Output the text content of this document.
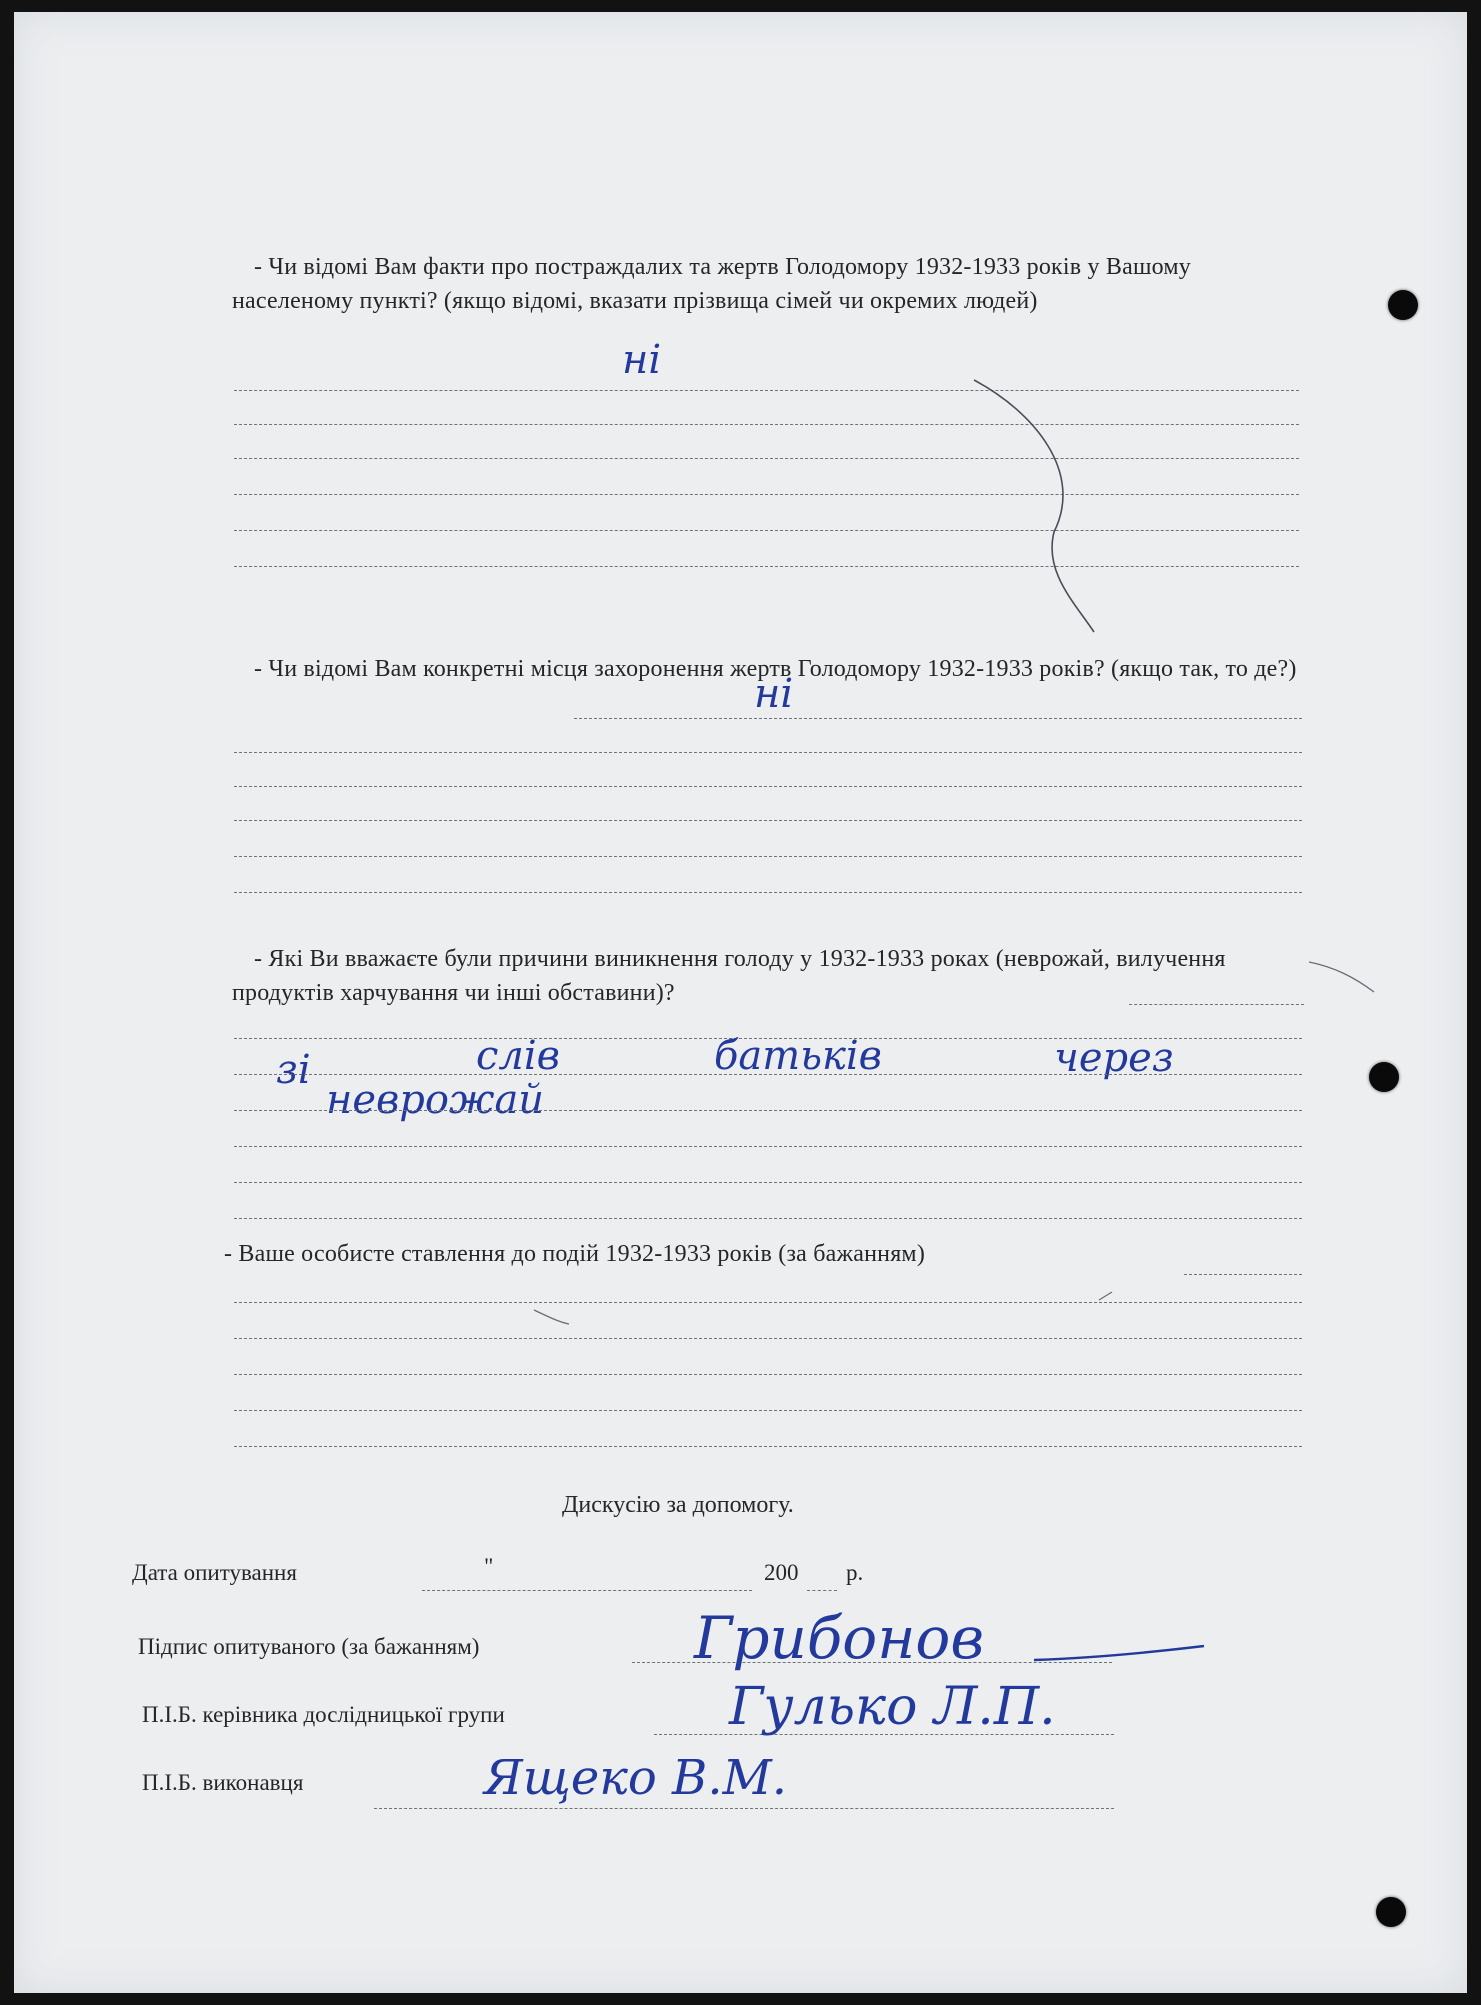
- Чи відомі Вам факти про постраждалих та жертв Голодомору 1932-1933 років у Вашому населеному пункті? (якщо відомі, вказати прізвища сімей чи окремих людей)
ні
- Чи відомі Вам конкретні місця захоронення жертв Голодомору 1932-1933 років? (якщо так, то де?)
ні
- Які Ви вважаєте були причини виникнення голоду у 1932-1933 роках (неврожай, вилучення продуктів харчування чи інші обставини)?
зі	слів	батьків	через
неврожай
- Ваше особисте ставлення до подій 1932-1933 років (за бажанням)
Дискусію за допомогу.
Дата опитування	"	200 р.
Підпис опитуваного (за бажанням)	Грибонов
П.І.Б. керівника дослідницької групи	Гулько Л.П.
П.І.Б. виконавця	Ящеко В.М.
